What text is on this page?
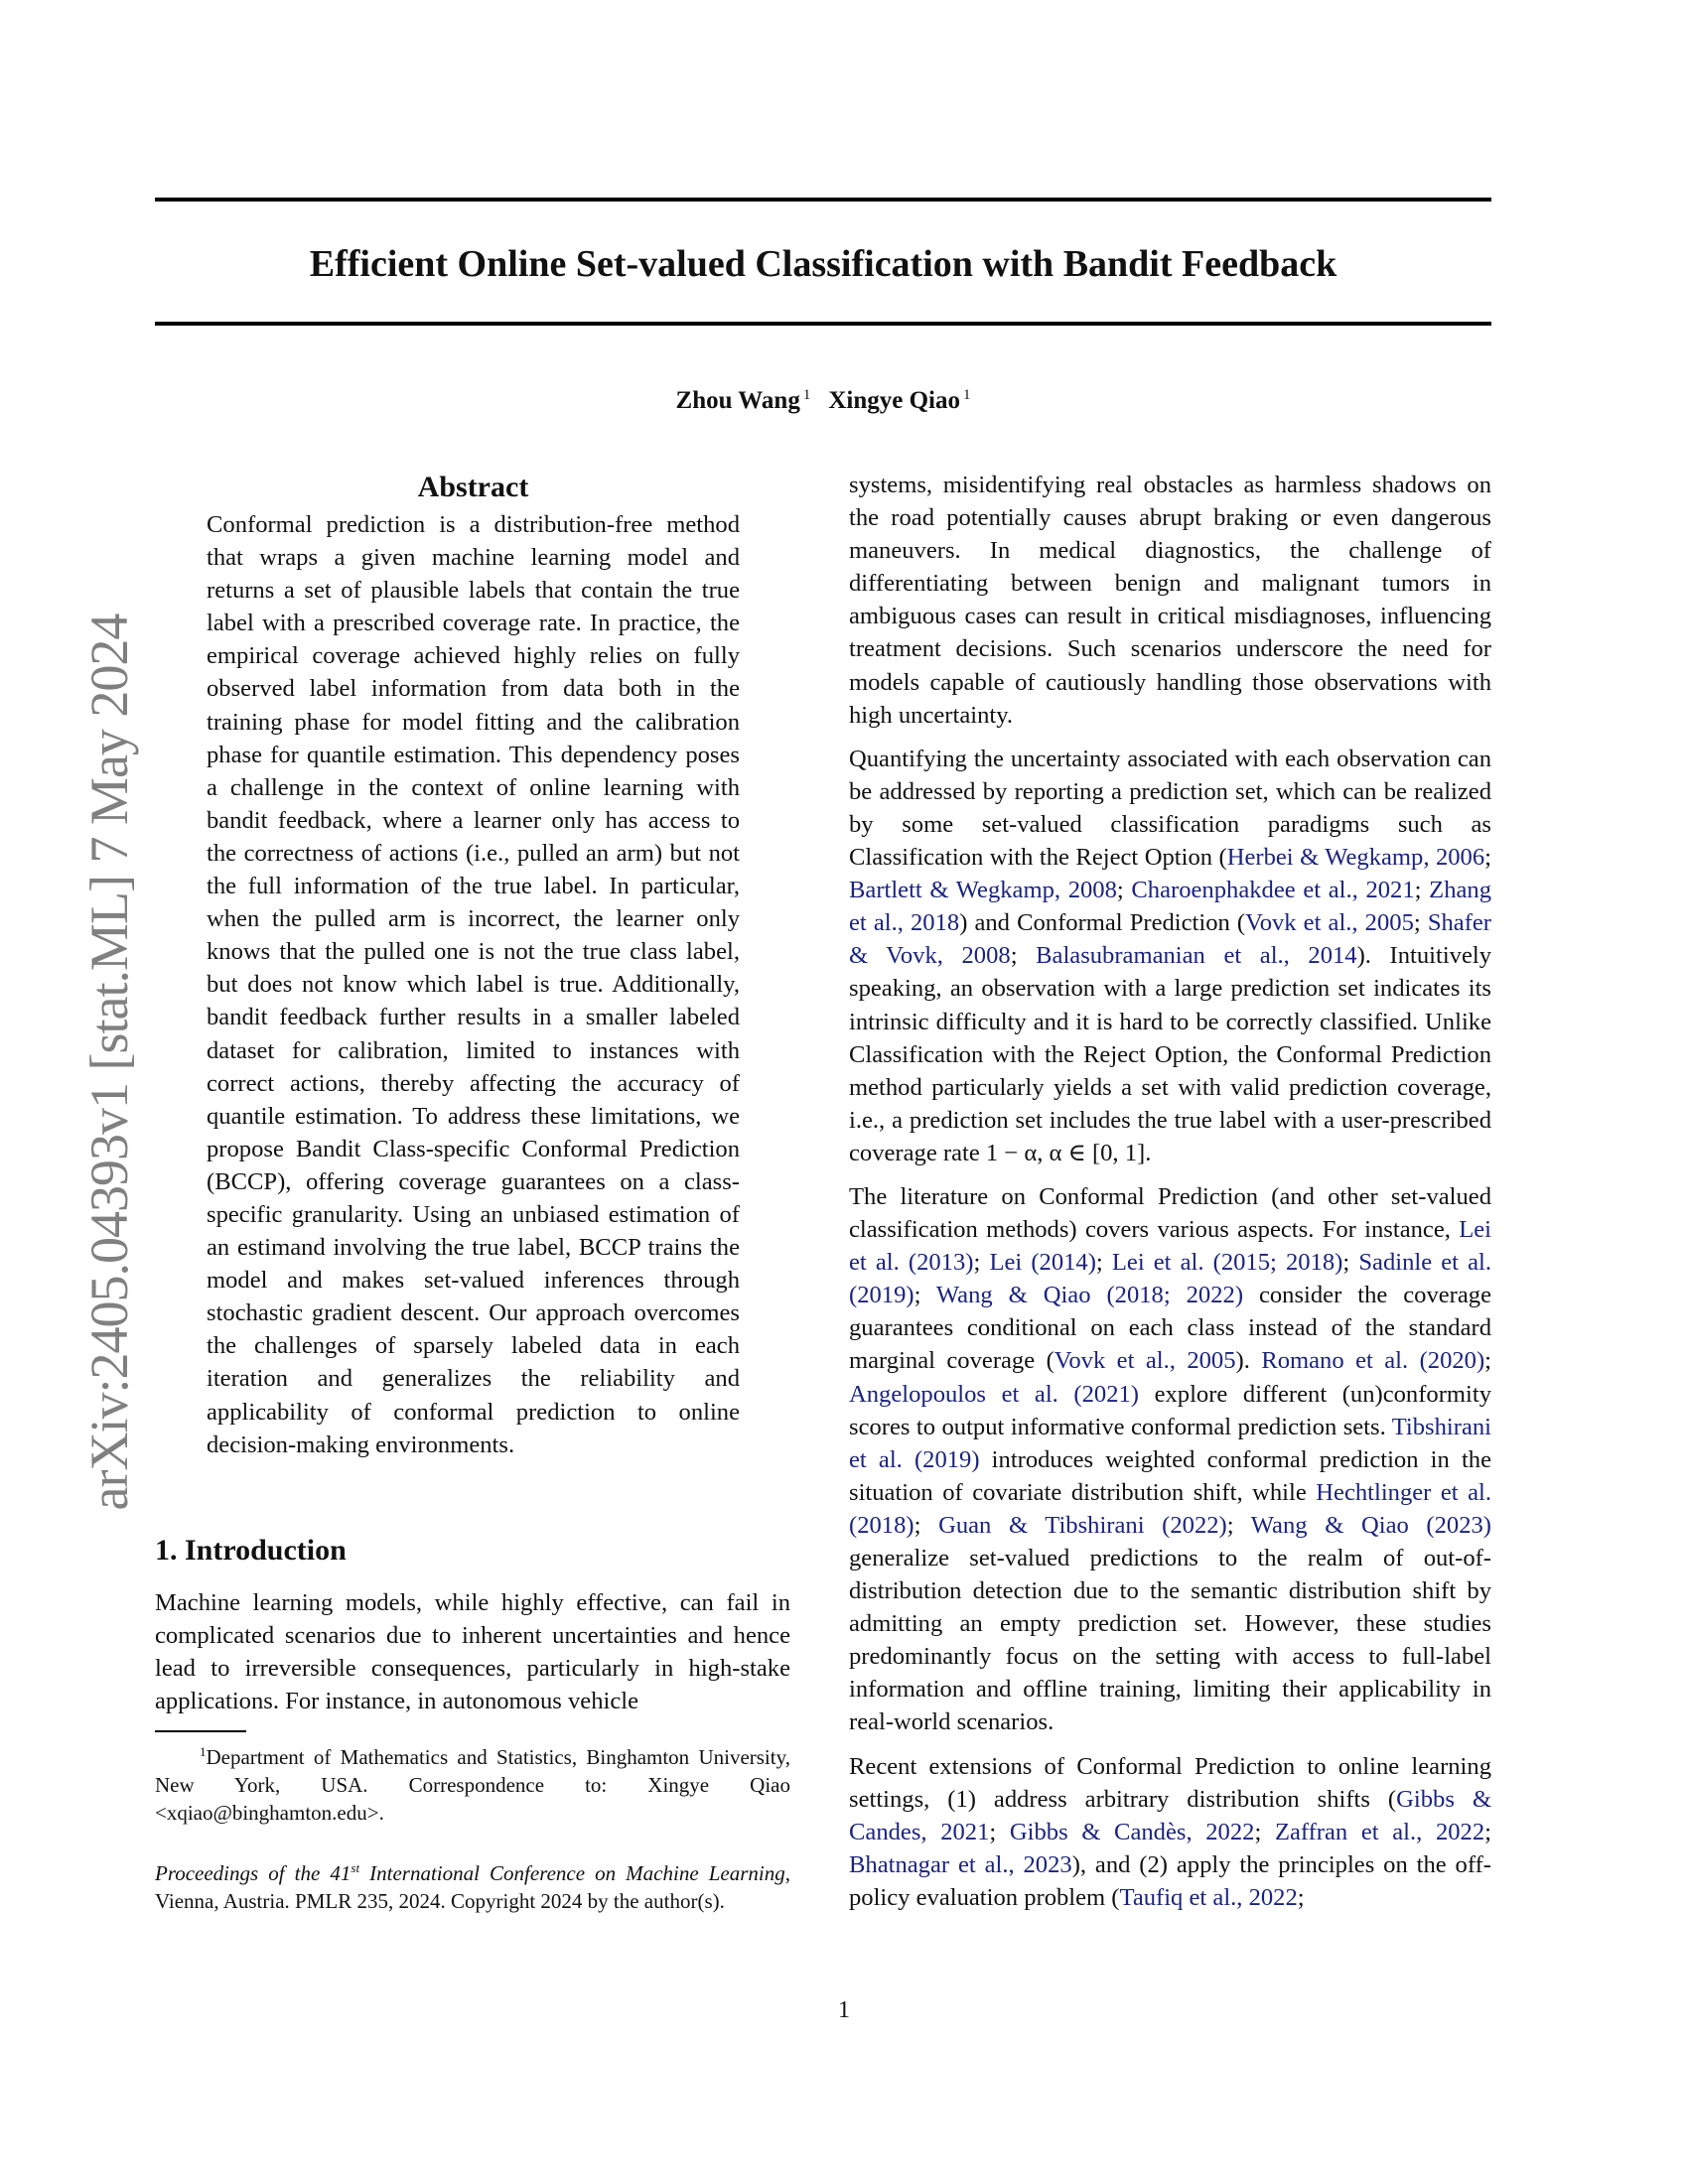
arXiv:2405.04393v1 [stat.ML] 7 May 2024
Efficient Online Set-valued Classification with Bandit Feedback
Zhou Wang $^1$ Xingye Qiao $^1$
Abstract
Conformal prediction is a distribution-free method that wraps a given machine learning model and returns a set of plausible labels that contain the true label with a prescribed coverage rate. In practice, the empirical coverage achieved highly relies on fully observed label information from data both in the training phase for model fitting and the calibration phase for quantile estimation. This dependency poses a challenge in the context of online learning with bandit feedback, where a learner only has access to the correctness of actions (i.e., pulled an arm) but not the full information of the true label. In particular, when the pulled arm is incorrect, the learner only knows that the pulled one is not the true class label, but does not know which label is true. Additionally, bandit feedback further results in a smaller labeled dataset for calibration, limited to instances with correct actions, thereby affecting the accuracy of quantile estimation. To address these limitations, we propose Bandit Class-specific Conformal Prediction (BCCP), offering coverage guarantees on a class-specific granularity. Using an unbiased estimation of an estimand involving the true label, BCCP trains the model and makes set-valued inferences through stochastic gradient descent. Our approach overcomes the challenges of sparsely labeled data in each iteration and generalizes the reliability and applicability of conformal prediction to online decision-making environments.
1. Introduction
Machine learning models, while highly effective, can fail in complicated scenarios due to inherent uncertainties and hence lead to irreversible consequences, particularly in high-stake applications. For instance, in autonomous vehicle
$^1$Department of Mathematics and Statistics, Binghamton University, New York, USA. Correspondence to: Xingye Qiao <xqiao@binghamton.edu>.
Proceedings of the 41st International Conference on Machine Learning, Vienna, Austria. PMLR 235, 2024. Copyright 2024 by the author(s).
systems, misidentifying real obstacles as harmless shadows on the road potentially causes abrupt braking or even dangerous maneuvers. In medical diagnostics, the challenge of differentiating between benign and malignant tumors in ambiguous cases can result in critical misdiagnoses, influencing treatment decisions. Such scenarios underscore the need for models capable of cautiously handling those observations with high uncertainty.
Quantifying the uncertainty associated with each observation can be addressed by reporting a prediction set, which can be realized by some set-valued classification paradigms such as Classification with the Reject Option (Herbei & Wegkamp, 2006; Bartlett & Wegkamp, 2008; Charoenphakdee et al., 2021; Zhang et al., 2018) and Conformal Prediction (Vovk et al., 2005; Shafer & Vovk, 2008; Balasubramanian et al., 2014). Intuitively speaking, an observation with a large prediction set indicates its intrinsic difficulty and it is hard to be correctly classified. Unlike Classification with the Reject Option, the Conformal Prediction method particularly yields a set with valid prediction coverage, i.e., a prediction set includes the true label with a user-prescribed coverage rate 1 − α, α ∈ [0, 1].
The literature on Conformal Prediction (and other set-valued classification methods) covers various aspects. For instance, Lei et al. (2013); Lei (2014); Lei et al. (2015; 2018); Sadinle et al. (2019); Wang & Qiao (2018; 2022) consider the coverage guarantees conditional on each class instead of the standard marginal coverage (Vovk et al., 2005). Romano et al. (2020); Angelopoulos et al. (2021) explore different (un)conformity scores to output informative conformal prediction sets. Tibshirani et al. (2019) introduces weighted conformal prediction in the situation of covariate distribution shift, while Hechtlinger et al. (2018); Guan & Tibshirani (2022); Wang & Qiao (2023) generalize set-valued predictions to the realm of out-of-distribution detection due to the semantic distribution shift by admitting an empty prediction set. However, these studies predominantly focus on the setting with access to full-label information and offline training, limiting their applicability in real-world scenarios.
Recent extensions of Conformal Prediction to online learning settings, (1) address arbitrary distribution shifts (Gibbs & Candes, 2021; Gibbs & Candès, 2022; Zaffran et al., 2022; Bhatnagar et al., 2023), and (2) apply the principles on the off-policy evaluation problem (Taufiq et al., 2022;
1
